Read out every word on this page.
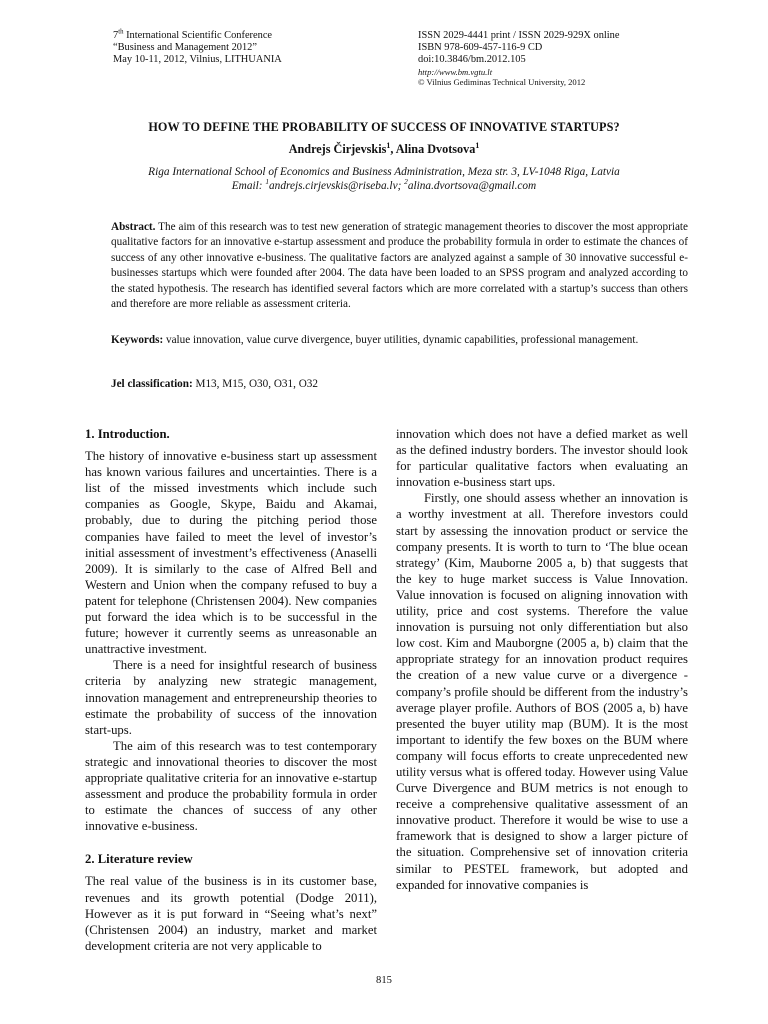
7th International Scientific Conference
“Business and Management 2012”
May 10-11, 2012, Vilnius, LITHUANIA
ISSN 2029-4441 print / ISSN 2029-929X online
ISBN 978-609-457-116-9 CD
doi:10.3846/bm.2012.105
http://www.bm.vgtu.lt
© Vilnius Gediminas Technical University, 2012
HOW TO DEFINE THE PROBABILITY OF SUCCESS OF INNOVATIVE STARTUPS?
Andrejs Čirjevskis$^1$, Alina Dvotsova$^1$
Riga International School of Economics and Business Administration, Meza str. 3, LV-1048 Riga, Latvia
Email: $^1$andrejs.cirjevskis@riseba.lv; $^2$alina.dvortsova@gmail.com
Abstract. The aim of this research was to test new generation of strategic management theories to discover the most appropriate qualitative factors for an innovative e-startup assessment and produce the probability formula in order to estimate the chances of success of any other innovative e-business. The qualitative factors are analyzed against a sample of 30 innovative successful e-businesses startups which were founded after 2004. The data have been loaded to an SPSS program and analyzed according to the stated hypothesis. The research has identified several factors which are more correlated with a startup’s success than others and therefore are more reliable as assessment criteria.
Keywords: value innovation, value curve divergence, buyer utilities, dynamic capabilities, professional management.
Jel classification: M13, M15, O30, O31, O32
1. Introduction.

The history of innovative e-business start up assessment has known various failures and uncertainties. There is a list of the missed investments which include such companies as Google, Skype, Baidu and Akamai, probably, due to during the pitching period those companies have failed to meet the level of investor’s initial assessment of investment’s effectiveness (Anaselli 2009). It is similarly to the case of Alfred Bell and Western and Union when the company refused to buy a patent for telephone (Christensen 2004). New companies put forward the idea which is to be successful in the future; however it currently seems as unreasonable an unattractive investment.

There is a need for insightful research of business criteria by analyzing new strategic management, innovation management and entrepreneurship theories to estimate the probability of success of the innovation start-ups.

The aim of this research was to test contemporary strategic and innovational theories to discover the most appropriate qualitative criteria for an innovative e-startup assessment and produce the probability formula in order to estimate the chances of success of any other innovative e-business.

2. Literature review

The real value of the business is in its customer base, revenues and its growth potential (Dodge 2011), However as it is put forward in “Seeing what’s next” (Christensen 2004) an industry, market and market development criteria are not very applicable to

innovation which does not have a defied market as well as the defined industry borders. The investor should look for particular qualitative factors when evaluating an innovation e-business start ups.

Firstly, one should assess whether an innovation is a worthy investment at all. Therefore investors could start by assessing the innovation product or service the company presents. It is worth to turn to ‘The blue ocean strategy’ (Kim, Mauborne 2005 a, b) that suggests that the key to huge market success is Value Innovation. Value innovation is focused on aligning innovation with utility, price and cost systems. Therefore the value innovation is pursuing not only differentiation but also low cost. Kim and Mauborgne (2005 a, b) claim that the appropriate strategy for an innovation product requires the creation of a new value curve or a divergence - company’s profile should be different from the industry’s average player profile. Authors of BOS (2005 a, b) have presented the buyer utility map (BUM). It is the most important to identify the few boxes on the BUM where company will focus efforts to create unprecedented new utility versus what is offered today. However using Value Curve Divergence and BUM metrics is not enough to receive a comprehensive qualitative assessment of an innovative product. Therefore it would be wise to use a framework that is designed to show a larger picture of the situation. Comprehensive set of innovation criteria similar to PESTEL framework, but adopted and expanded for innovative companies is

815
